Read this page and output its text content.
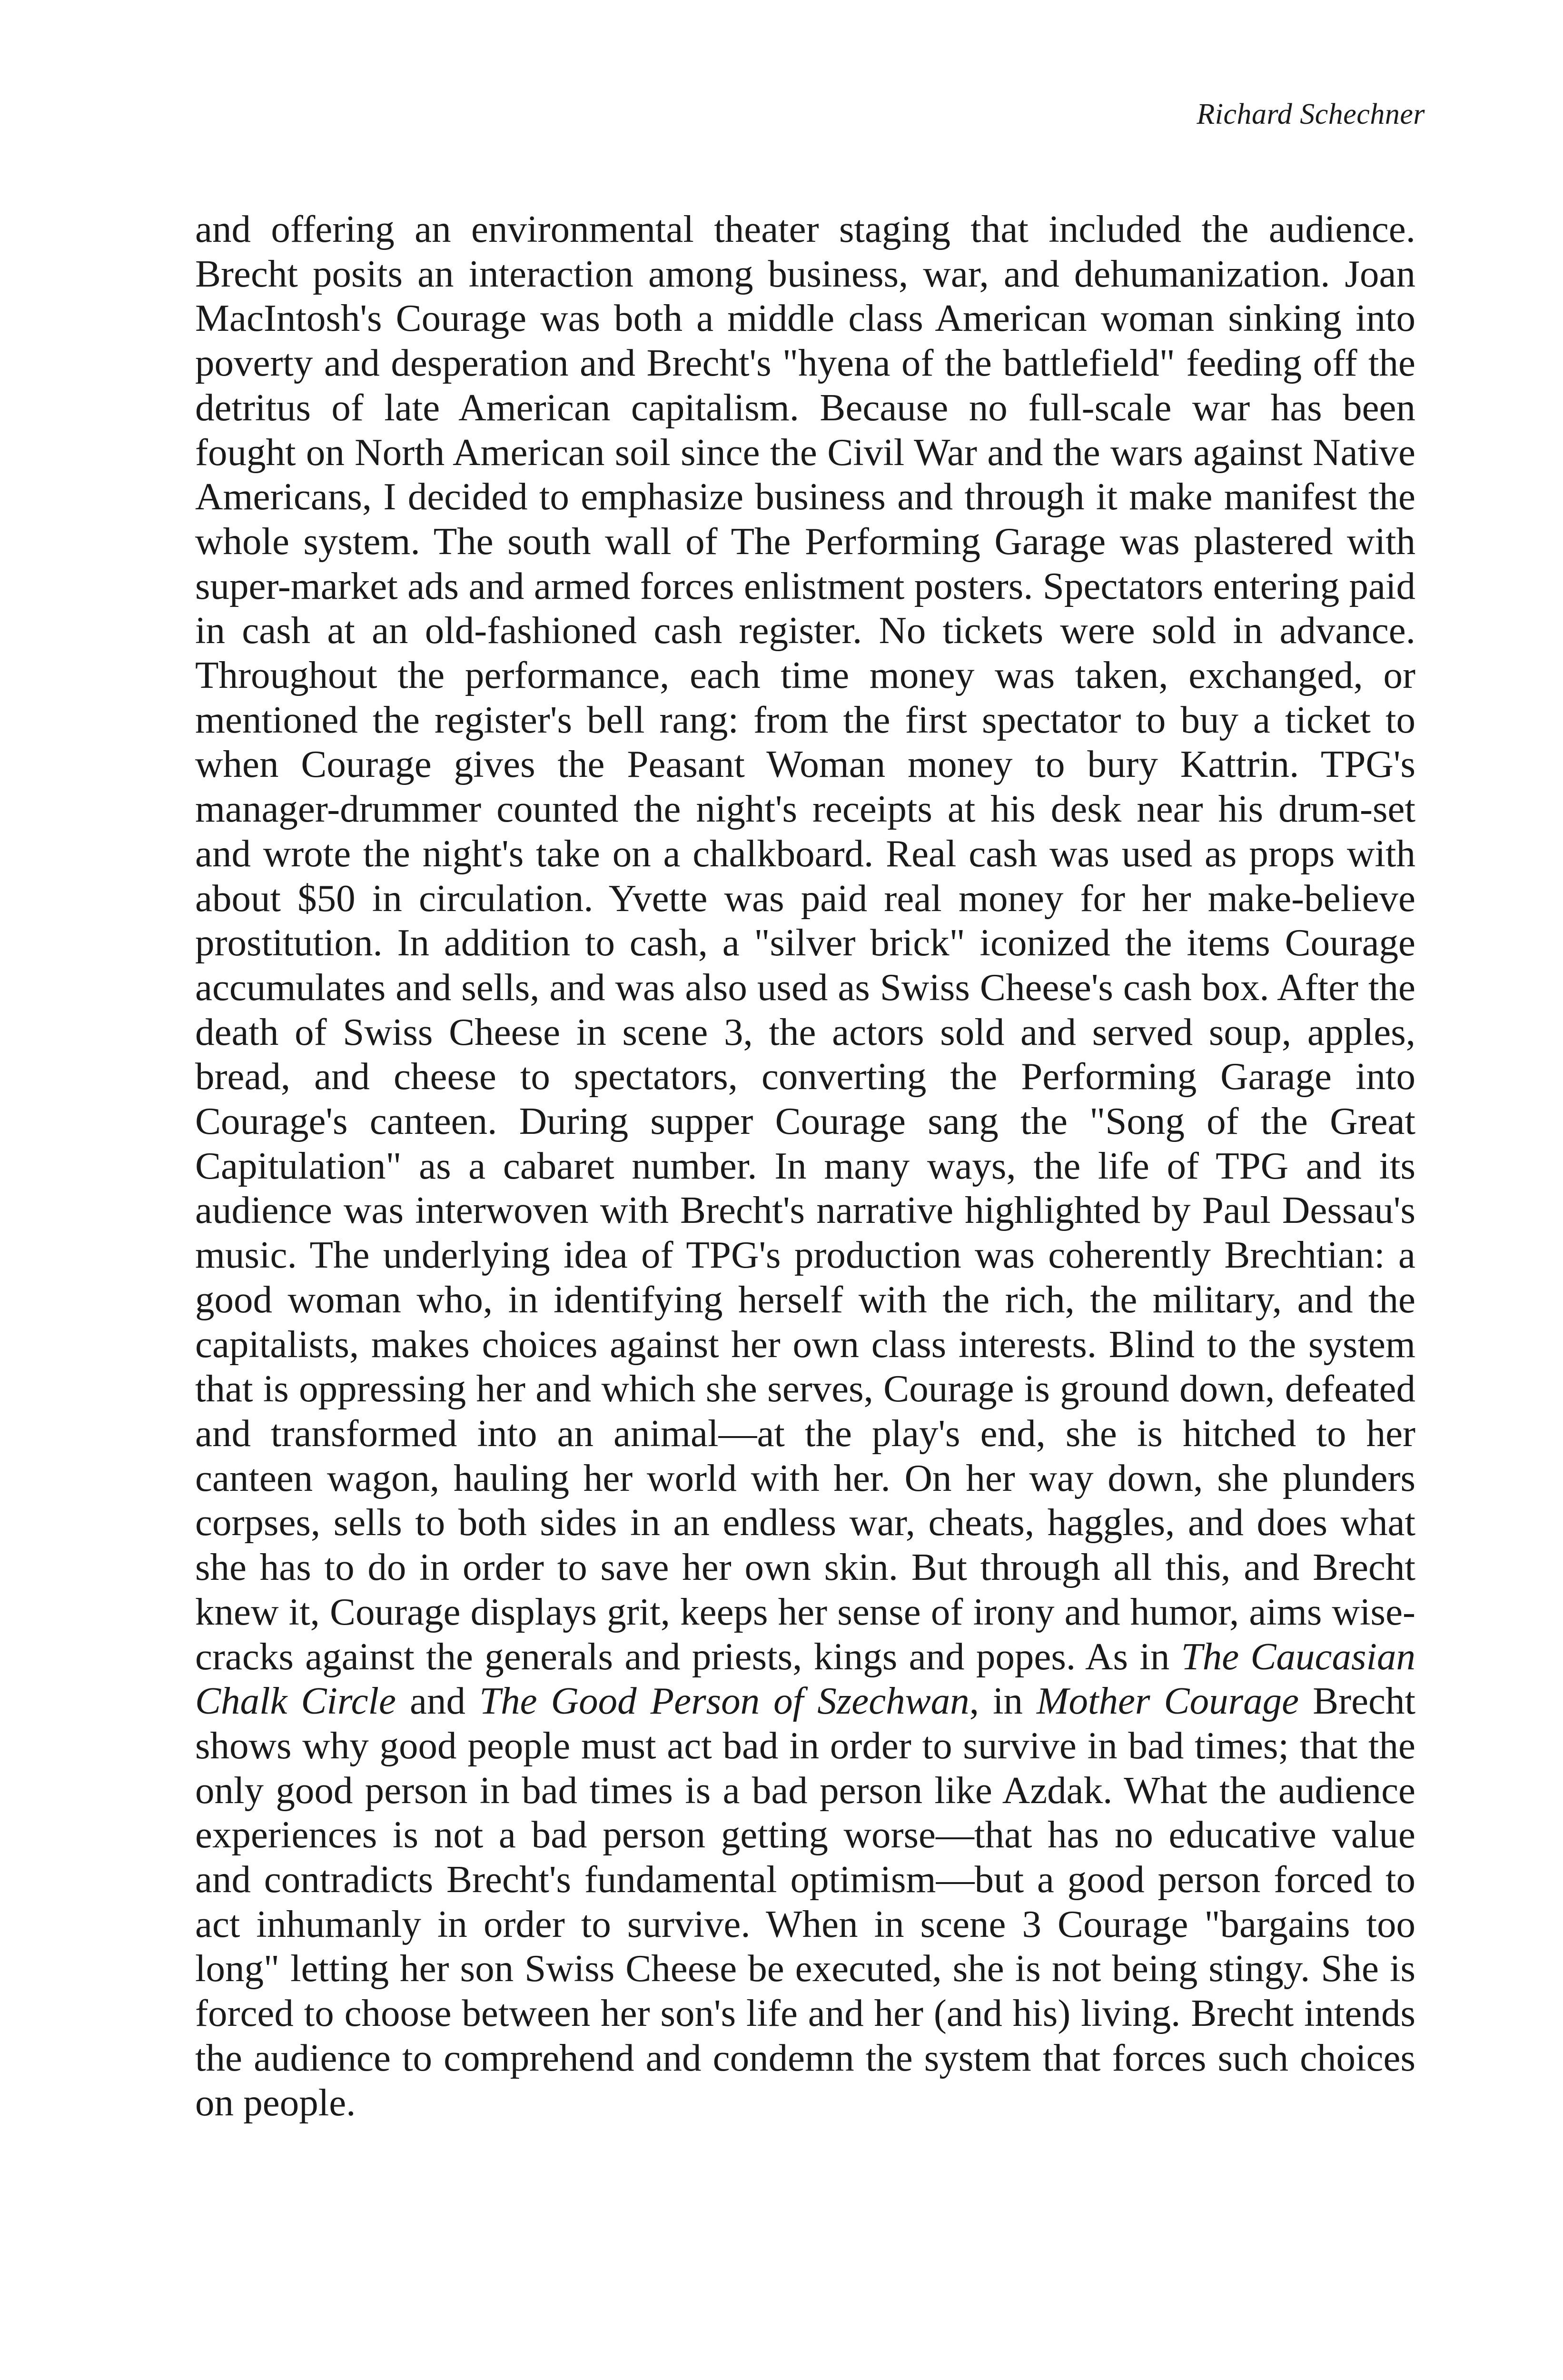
Richard Schechner

and offering an environmental theater staging that included the audience. Brecht posits an interaction among business, war, and dehumanization. Joan MacIntosh's Courage was both a middle class American woman sinking into poverty and desperation and Brecht's "hyena of the battlefield" feeding off the detritus of late American capitalism. Because no full-scale war has been fought on North American soil since the Civil War and the wars against Native Americans, I decided to emphasize business and through it make manifest the whole system. The south wall of The Performing Garage was plastered with super-market ads and armed forces enlistment posters. Spectators entering paid in cash at an old-fashioned cash register. No tickets were sold in advance. Throughout the performance, each time money was taken, exchanged, or mentioned the register's bell rang: from the first spectator to buy a ticket to when Courage gives the Peasant Woman money to bury Kattrin. TPG's manager-drummer counted the night's receipts at his desk near his drum-set and wrote the night's take on a chalkboard. Real cash was used as props with about $50 in circulation. Yvette was paid real money for her make-believe prostitution. In addition to cash, a "silver brick" iconized the items Courage accumulates and sells, and was also used as Swiss Cheese's cash box. After the death of Swiss Cheese in scene 3, the actors sold and served soup, apples, bread, and cheese to spectators, converting the Performing Garage into Courage's canteen. During supper Courage sang the "Song of the Great Capitulation" as a cabaret number. In many ways, the life of TPG and its audience was interwoven with Brecht's narrative highlighted by Paul Dessau's music. The underlying idea of TPG's production was coherently Brechtian: a good woman who, in identifying herself with the rich, the military, and the capitalists, makes choices against her own class interests. Blind to the system that is oppressing her and which she serves, Courage is ground down, defeated and transformed into an animal—at the play's end, she is hitched to her canteen wagon, hauling her world with her. On her way down, she plunders corpses, sells to both sides in an endless war, cheats, haggles, and does what she has to do in order to save her own skin. But through all this, and Brecht knew it, Courage displays grit, keeps her sense of irony and humor, aims wise-cracks against the generals and priests, kings and popes. As in The Caucasian Chalk Circle and The Good Person of Szechwan, in Mother Courage Brecht shows why good people must act bad in order to survive in bad times; that the only good person in bad times is a bad person like Azdak. What the audience experiences is not a bad person getting worse—that has no educative value and contradicts Brecht's fundamental optimism—but a good person forced to act inhumanly in order to survive. When in scene 3 Courage "bargains too long" letting her son Swiss Cheese be executed, she is not being stingy. She is forced to choose between her son's life and her (and his) living. Brecht intends the audience to comprehend and condemn the system that forces such choices on people.
